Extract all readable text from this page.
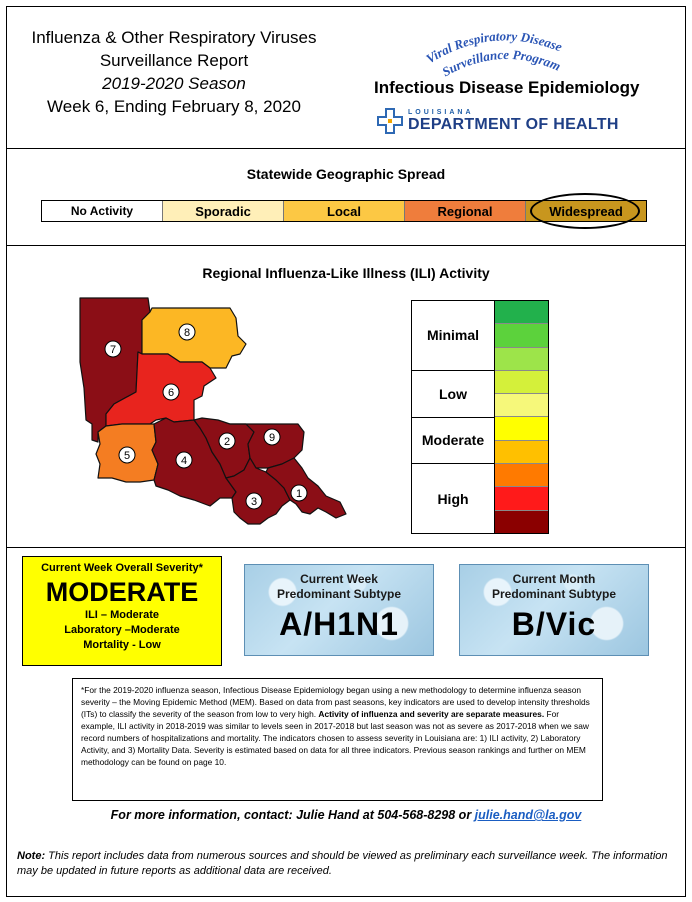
Influenza & Other Respiratory Viruses
Surveillance Report
2019-2020 Season
Week 6, Ending February 8, 2020
Viral Respiratory Disease
Surveillance Program
Infectious Disease Epidemiology
LOUISIANA
DEPARTMENT OF HEALTH
Statewide Geographic Spread
No Activity	Sporadic	Local	Regional	Widespread
Regional Influenza-Like Illness (ILI) Activity
1
2
3
4
5
6
7
8
9
Minimal
Low
Moderate
High
Current Week Overall Severity*
MODERATE
ILI – Moderate
Laboratory –Moderate
Mortality - Low
Current Week
Predominant Subtype
A/H1N1
Current Month
Predominant Subtype
B/Vic
*For the 2019-2020 influenza season, Infectious Disease Epidemiology began using a new methodology to determine influenza season severity – the Moving Epidemic Method (MEM). Based on data from past seasons, key indicators are used to develop intensity thresholds (ITs) to classify the severity of the season from low to very high. Activity of influenza and severity are separate measures. For example, ILI activity in 2018-2019 was similar to levels seen in 2017-2018 but last season was not as severe as 2017-2018 when we saw record numbers of hospitalizations and mortality. The indicators chosen to assess severity in Louisiana are: 1) ILI activity, 2) Laboratory Activity, and 3) Mortality Data. Severity is estimated based on data for all three indicators. Previous season rankings and further on MEM methodology can be found on page 10.
For more information, contact: Julie Hand at 504-568-8298 or julie.hand@la.gov
Note: This report includes data from numerous sources and should be viewed as preliminary each surveillance week. The information may be updated in future reports as additional data are received.
